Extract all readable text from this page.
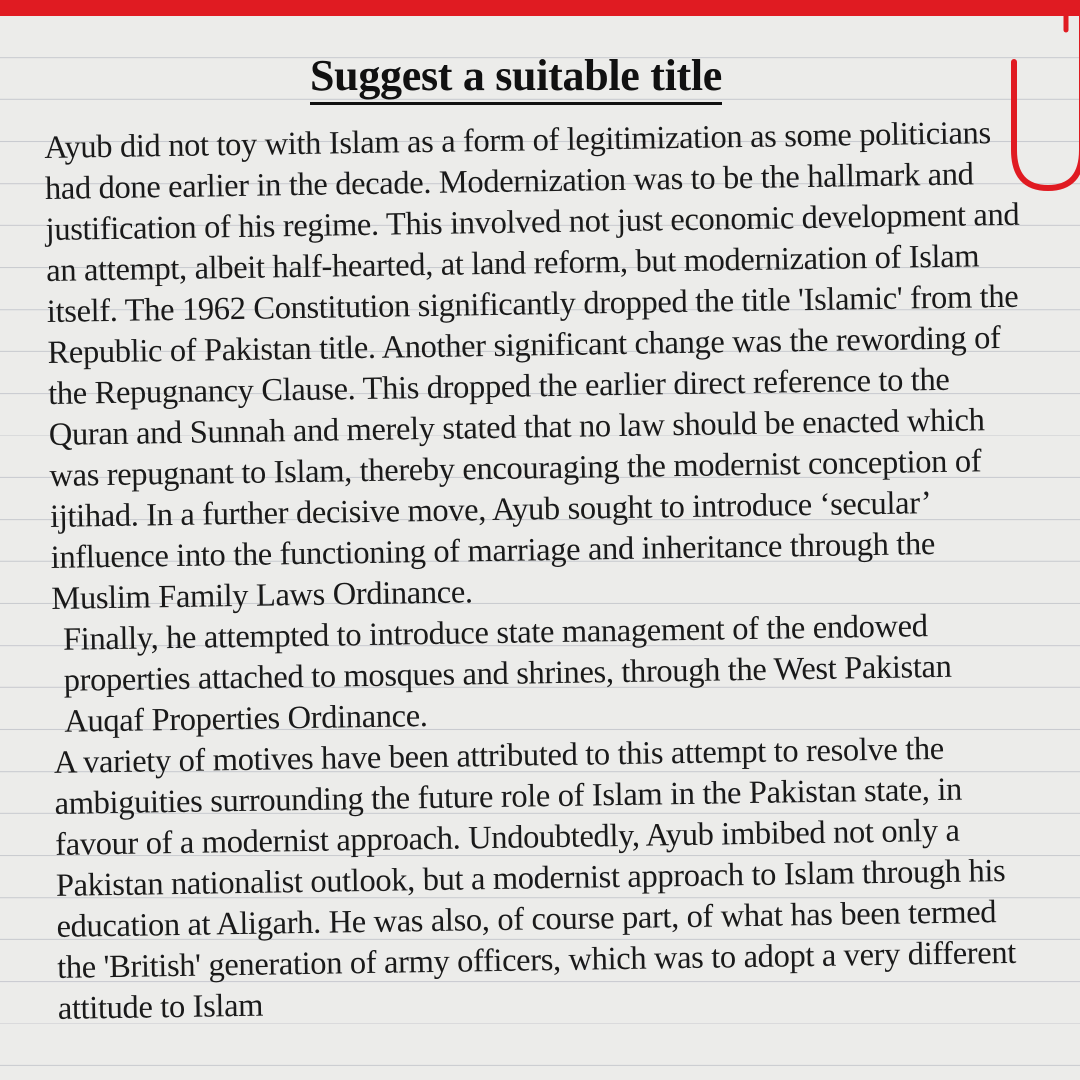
Suggest a suitable title

Ayub did not toy with Islam as a form of legitimization as some politicians had done earlier in the decade. Modernization was to be the hallmark and justification of his regime. This involved not just economic development and an attempt, albeit half-hearted, at land reform, but modernization of Islam itself. The 1962 Constitution significantly dropped the title 'Islamic' from the Republic of Pakistan title. Another significant change was the rewording of the Repugnancy Clause. This dropped the earlier direct reference to the Quran and Sunnah and merely stated that no law should be enacted which was repugnant to Islam, thereby encouraging the modernist conception of ijtihad. In a further decisive move, Ayub sought to introduce ‘secular’ influence into the functioning of marriage and inheritance through the Muslim Family Laws Ordinance.

Finally, he attempted to introduce state management of the endowed properties attached to mosques and shrines, through the West Pakistan Auqaf Properties Ordinance.

A variety of motives have been attributed to this attempt to resolve the ambiguities surrounding the future role of Islam in the Pakistan state, in favour of a modernist approach. Undoubtedly, Ayub imbibed not only a Pakistan nationalist outlook, but a modernist approach to Islam through his education at Aligarh. He was also, of course part, of what has been termed the 'British' generation of army officers, which was to adopt a very different attitude to Islam
